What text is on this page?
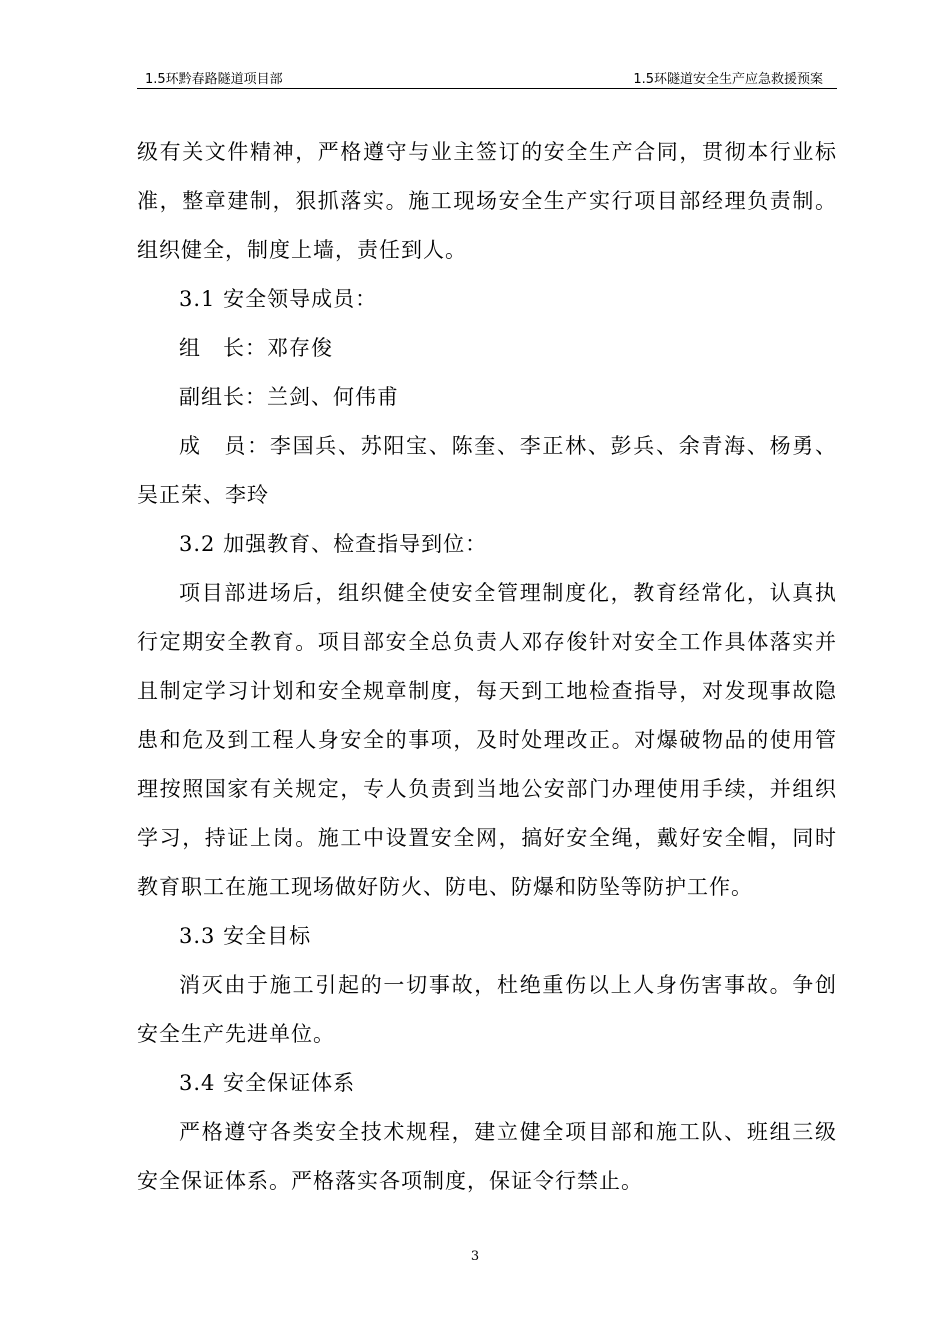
1.5环黔春路隧道项目部	1.5环隧道安全生产应急救援预案

级有关文件精神，严格遵守与业主签订的安全生产合同，贯彻本行业标准，整章建制，狠抓落实。施工现场安全生产实行项目部经理负责制。组织健全，制度上墙，责任到人。

3.1 安全领导成员：

组　长：邓存俊

副组长：兰剑、何伟甫

成　员：李国兵、苏阳宝、陈奎、李正林、彭兵、余青海、杨勇、吴正荣、李玲

3.2 加强教育、检查指导到位：

项目部进场后，组织健全使安全管理制度化，教育经常化，认真执行定期安全教育。项目部安全总负责人邓存俊针对安全工作具体落实并且制定学习计划和安全规章制度，每天到工地检查指导，对发现事故隐患和危及到工程人身安全的事项，及时处理改正。对爆破物品的使用管理按照国家有关规定，专人负责到当地公安部门办理使用手续，并组织学习，持证上岗。施工中设置安全网，搞好安全绳，戴好安全帽，同时教育职工在施工现场做好防火、防电、防爆和防坠等防护工作。

3.3 安全目标

消灭由于施工引起的一切事故，杜绝重伤以上人身伤害事故。争创安全生产先进单位。

3.4 安全保证体系

严格遵守各类安全技术规程，建立健全项目部和施工队、班组三级安全保证体系。严格落实各项制度，保证令行禁止。

3
